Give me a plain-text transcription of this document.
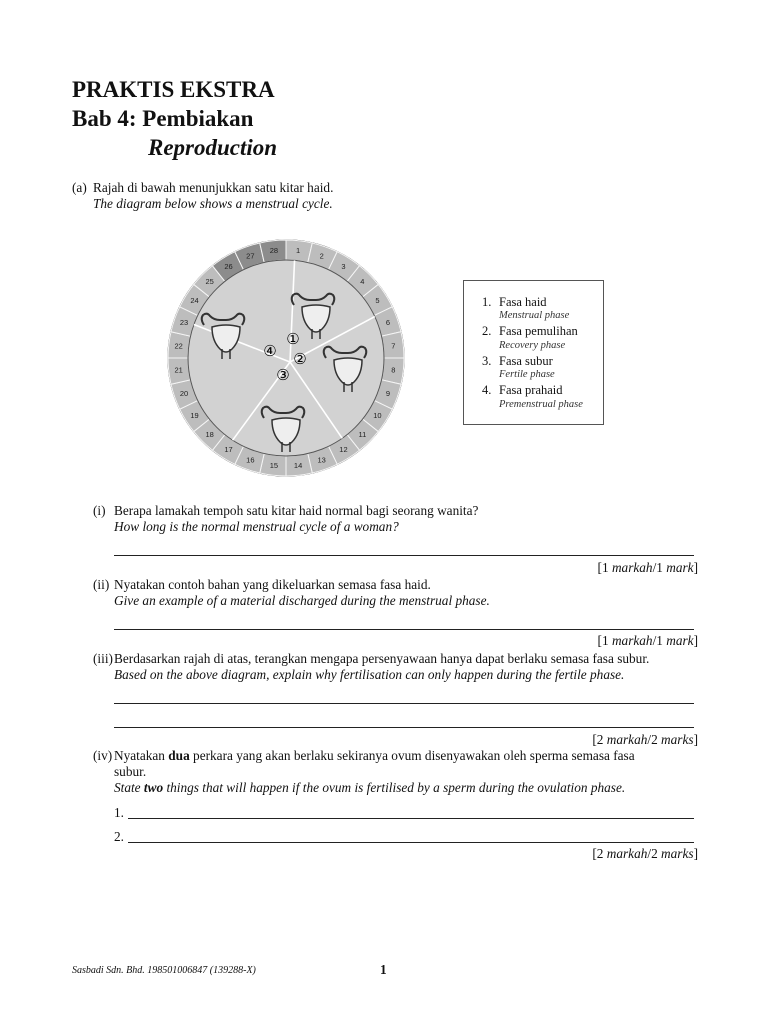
PRAKTIS EKSTRA
Bab 4: Pembiakan
Reproduction
(a) Rajah di bawah menunjukkan satu kitar haid.
The diagram below shows a menstrual cycle.
1
2
3
4
5
6
7
8
9
10
11
12
13
14
15
16
17
18
19
20
21
22
23
24
25
26
27
28
①
②
③
④
1. Fasa haid
Menstrual phase
2. Fasa pemulihan
Recovery phase
3. Fasa subur
Fertile phase
4. Fasa prahaid
Premenstrual phase
(i) Berapa lamakah tempoh satu kitar haid normal bagi seorang wanita?
How long is the normal menstrual cycle of a woman?
[1 markah/1 mark]
(ii) Nyatakan contoh bahan yang dikeluarkan semasa fasa haid.
Give an example of a material discharged during the menstrual phase.
[1 markah/1 mark]
(iii) Berdasarkan rajah di atas, terangkan mengapa persenyawaan hanya dapat berlaku semasa fasa subur.
Based on the above diagram, explain why fertilisation can only happen during the fertile phase.
[2 markah/2 marks]
(iv) Nyatakan dua perkara yang akan berlaku sekiranya ovum disenyawakan oleh sperma semasa fasa
subur.
State two things that will happen if the ovum is fertilised by a sperm during the ovulation phase.
1.
2.
[2 markah/2 marks]
Sasbadi Sdn. Bhd. 198501006847 (139288-X)	1
